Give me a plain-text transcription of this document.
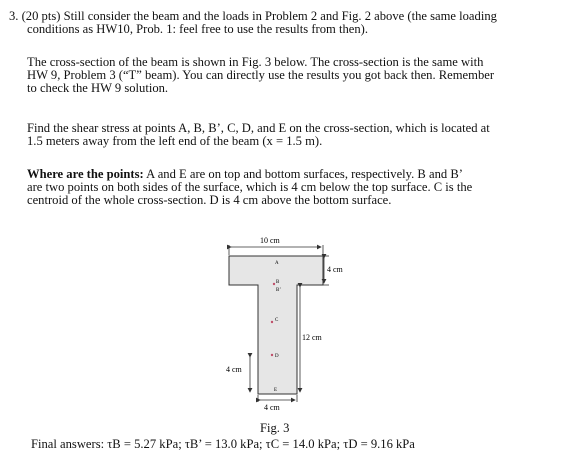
3. (20 pts) Still consider the beam and the loads in Problem 2 and Fig. 2 above (the same loading
conditions as HW10, Prob. 1: feel free to use the results from then).
The cross-section of the beam is shown in Fig. 3 below. The cross-section is the same with
HW 9, Problem 3 (“T” beam). You can directly use the results you got back then. Remember
to check the HW 9 solution.
Find the shear stress at points A, B, B’, C, D, and E on the cross-section, which is located at
1.5 meters away from the left end of the beam (x = 1.5 m).
Where are the points: A and E are on top and bottom surfaces, respectively. B and B’
are two points on both sides of the surface, which is 4 cm below the top surface. C is the
centroid of the whole cross-section. D is 4 cm above the bottom surface.
10 cm
4 cm
12 cm
4 cm
4 cm
A
B
B’
C
D
E
Fig. 3
Final answers: τB = 5.27 kPa; τB’ = 13.0 kPa; τC = 14.0 kPa; τD = 9.16 kPa
